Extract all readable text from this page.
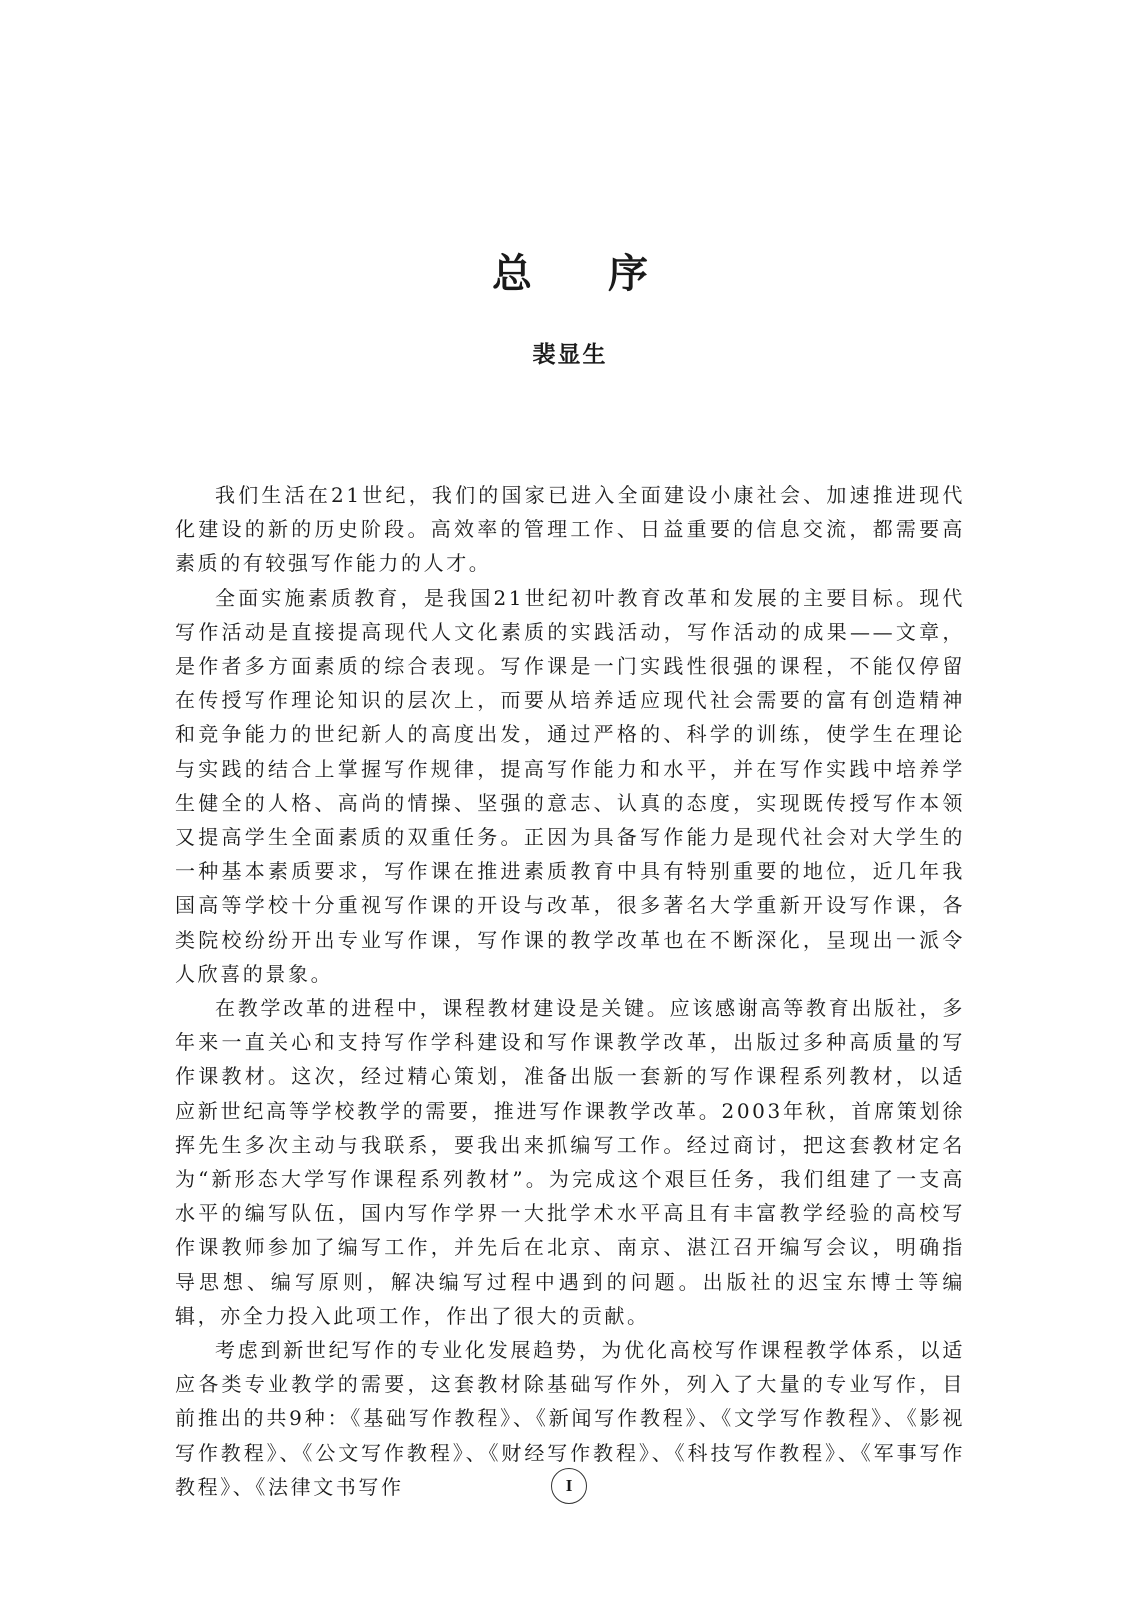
总序
裴显生

我们生活在21世纪，我们的国家已进入全面建设小康社会、加速推进现代化建设的新的历史阶段。高效率的管理工作、日益重要的信息交流，都需要高素质的有较强写作能力的人才。

全面实施素质教育，是我国21世纪初叶教育改革和发展的主要目标。现代写作活动是直接提高现代人文化素质的实践活动，写作活动的成果——文章，是作者多方面素质的综合表现。写作课是一门实践性很强的课程，不能仅停留在传授写作理论知识的层次上，而要从培养适应现代社会需要的富有创造精神和竞争能力的世纪新人的高度出发，通过严格的、科学的训练，使学生在理论与实践的结合上掌握写作规律，提高写作能力和水平，并在写作实践中培养学生健全的人格、高尚的情操、坚强的意志、认真的态度，实现既传授写作本领又提高学生全面素质的双重任务。正因为具备写作能力是现代社会对大学生的一种基本素质要求，写作课在推进素质教育中具有特别重要的地位，近几年我国高等学校十分重视写作课的开设与改革，很多著名大学重新开设写作课，各类院校纷纷开出专业写作课，写作课的教学改革也在不断深化，呈现出一派令人欣喜的景象。

在教学改革的进程中，课程教材建设是关键。应该感谢高等教育出版社，多年来一直关心和支持写作学科建设和写作课教学改革，出版过多种高质量的写作课教材。这次，经过精心策划，准备出版一套新的写作课程系列教材，以适应新世纪高等学校教学的需要，推进写作课教学改革。2003年秋，首席策划徐挥先生多次主动与我联系，要我出来抓编写工作。经过商讨，把这套教材定名为“新形态大学写作课程系列教材”。为完成这个艰巨任务，我们组建了一支高水平的编写队伍，国内写作学界一大批学术水平高且有丰富教学经验的高校写作课教师参加了编写工作，并先后在北京、南京、湛江召开编写会议，明确指导思想、编写原则，解决编写过程中遇到的问题。出版社的迟宝东博士等编辑，亦全力投入此项工作，作出了很大的贡献。

考虑到新世纪写作的专业化发展趋势，为优化高校写作课程教学体系，以适应各类专业教学的需要，这套教材除基础写作外，列入了大量的专业写作，目前推出的共9种：《基础写作教程》、《新闻写作教程》、《文学写作教程》、《影视写作教程》、《公文写作教程》、《财经写作教程》、《科技写作教程》、《军事写作教程》、《法律文书写作	I
